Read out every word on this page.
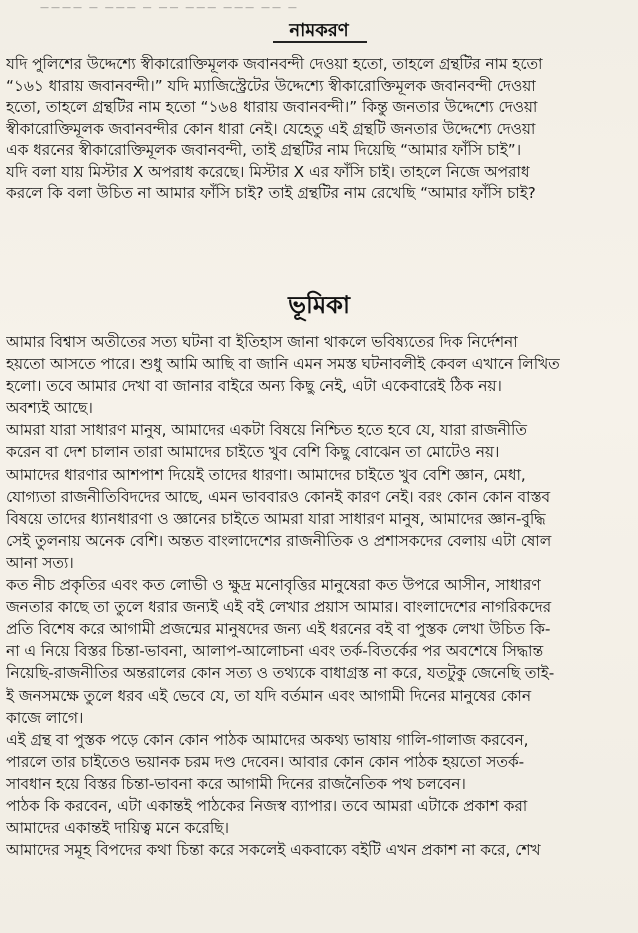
———— — ——— — —— ——— ——— —— —
নামকরণ
যদি পুলিশের উদ্দেশ্যে স্বীকারোক্তিমূলক জবানবন্দী দেওয়া হতো, তাহলে গ্রন্থটির নাম হতো
“১৬১ ধারায় জবানবন্দী।” যদি ম্যাজিস্ট্রেটের উদ্দেশ্যে স্বীকারোক্তিমূলক জবানবন্দী দেওয়া
হতো, তাহলে গ্রন্থটির নাম হতো “১৬৪ ধারায় জবানবন্দী।” কিন্তু জনতার উদ্দেশ্যে দেওয়া
স্বীকারোক্তিমূলক জবানবন্দীর কোন ধারা নেই। যেহেতু এই গ্রন্থটি জনতার উদ্দেশ্যে দেওয়া
এক ধরনের স্বীকারোক্তিমূলক জবানবন্দী, তাই গ্রন্থটির নাম দিয়েছি “আমার ফাঁসি চাই”।
যদি বলা যায় মিস্টার X অপরাধ করেছে। মিস্টার X এর ফাঁসি চাই। তাহলে নিজে অপরাধ
করলে কি বলা উচিত না আমার ফাঁসি চাই? তাই গ্রন্থটির নাম রেখেছি “আমার ফাঁসি চাই?
ভূমিকা
আমার বিশ্বাস অতীতের সত্য ঘটনা বা ইতিহাস জানা থাকলে ভবিষ্যতের দিক নির্দেশনা
হয়তো আসতে পারে। শুধু আমি আছি বা জানি এমন সমস্ত ঘটনাবলীই কেবল এখানে লিখিত
হলো। তবে আমার দেখা বা জানার বাইরে অন্য কিছু নেই, এটা একেবারেই ঠিক নয়।
অবশ্যই আছে।
আমরা যারা সাধারণ মানুষ, আমাদের একটা বিষয়ে নিশ্চিত হতে হবে যে, যারা রাজনীতি
করেন বা দেশ চালান তারা আমাদের চাইতে খুব বেশি কিছু বোঝেন তা মোটেও নয়।
আমাদের ধারণার আশপাশ দিয়েই তাদের ধারণা। আমাদের চাইতে খুব বেশি জ্ঞান, মেধা,
যোগ্যতা রাজনীতিবিদদের আছে, এমন ভাববারও কোনই কারণ নেই। বরং কোন কোন বাস্তব
বিষয়ে তাদের ধ্যানধারণা ও জ্ঞানের চাইতে আমরা যারা সাধারণ মানুষ, আমাদের জ্ঞান-বুদ্ধি
সেই তুলনায় অনেক বেশি। অন্তত বাংলাদেশের রাজনীতিক ও প্রশাসকদের বেলায় এটা ষোল
আনা সত্য।
কত নীচ প্রকৃতির এবং কত লোভী ও ক্ষুদ্র মনোবৃত্তির মানুষেরা কত উপরে আসীন, সাধারণ
জনতার কাছে তা তুলে ধরার জন্যই এই বই লেখার প্রয়াস আমার। বাংলাদেশের নাগরিকদের
প্রতি বিশেষ করে আগামী প্রজন্মের মানুষদের জন্য এই ধরনের বই বা পুস্তক লেখা উচিত কি-
না এ নিয়ে বিস্তর চিন্তা-ভাবনা, আলাপ-আলোচনা এবং তর্ক-বিতর্কের পর অবশেষে সিদ্ধান্ত
নিয়েছি-রাজনীতির অন্তরালের কোন সত্য ও তথ্যকে বাধাগ্রস্ত না করে, যতটুকু জেনেছি তাই-
ই জনসমক্ষে তুলে ধরব এই ভেবে যে, তা যদি বর্তমান এবং আগামী দিনের মানুষের কোন
কাজে লাগে।
এই গ্রন্থ বা পুস্তক পড়ে কোন কোন পাঠক আমাদের অকথ্য ভাষায় গালি-গালাজ করবেন,
পারলে তার চাইতেও ভয়ানক চরম দণ্ড দেবেন। আবার কোন কোন পাঠক হয়তো সতর্ক-
সাবধান হয়ে বিস্তর চিন্তা-ভাবনা করে আগামী দিনের রাজনৈতিক পথ চলবেন।
পাঠক কি করবেন, এটা একান্তই পাঠকের নিজস্ব ব্যাপার। তবে আমরা এটাকে প্রকাশ করা
আমাদের একান্তই দায়িত্ব মনে করেছি।
আমাদের সমূহ বিপদের কথা চিন্তা করে সকলেই একবাক্যে বইটি এখন প্রকাশ না করে, শেখ
